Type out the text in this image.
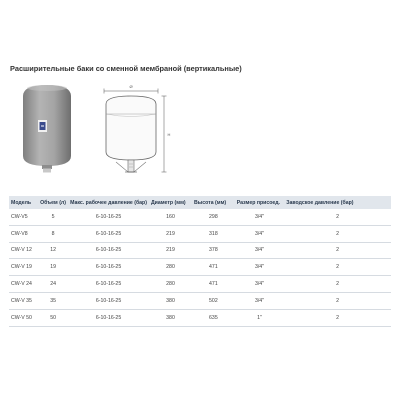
Расширительные баки со сменной мембраной (вертикальные)
Ø
H
Модель	Объем (л)	Макс. рабочее давление (бар)	Диаметр (мм)	Высота (мм)	Размер присоед.	Заводское давление (бар)
CW-V5	5	6-10-16-25	160	298	3/4"	2
CW-V8	8	6-10-16-25	219	318	3/4"	2
CW-V 12	12	6-10-16-25	219	378	3/4"	2
CW-V 19	19	6-10-16-25	280	471	3/4"	2
CW-V 24	24	6-10-16-25	280	471	3/4"	2
CW-V 35	35	6-10-16-25	380	502	3/4"	2
CW-V 50	50	6-10-16-25	380	635	1"	2
